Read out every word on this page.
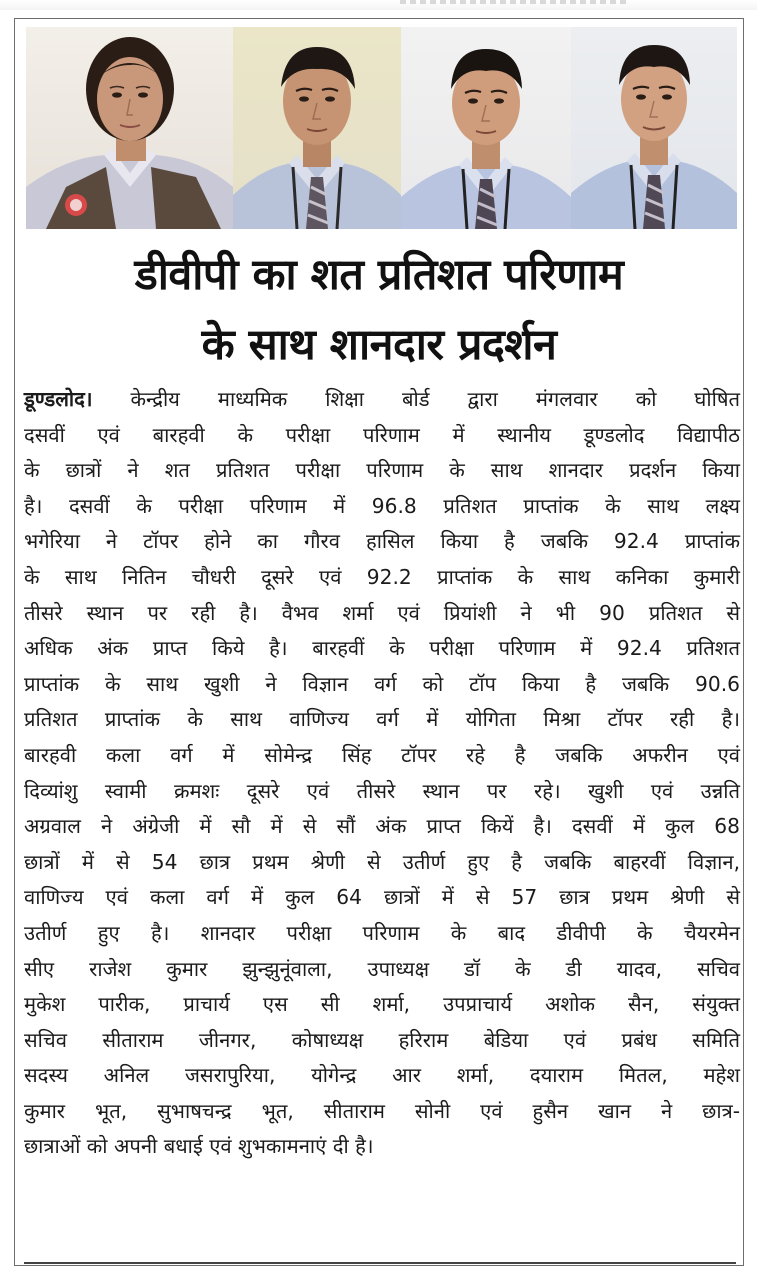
डीवीपी का शत प्रतिशत परिणाम
के साथ शानदार प्रदर्शन
डूण्डलोद। केन्द्रीय माध्यमिक शिक्षा बोर्ड द्वारा मंगलवार को घोषित
दसवीं एवं बारहवी के परीक्षा परिणाम में स्थानीय डूण्डलोद विद्यापीठ
के छात्रों ने शत प्रतिशत परीक्षा परिणाम के साथ शानदार प्रदर्शन किया
है। दसवीं के परीक्षा परिणाम में 96.8 प्रतिशत प्राप्तांक के साथ लक्ष्य
भगेरिया ने टॉपर होने का गौरव हासिल किया है जबकि 92.4 प्राप्तांक
के साथ नितिन चौधरी दूसरे एवं 92.2 प्राप्तांक के साथ कनिका कुमारी
तीसरे स्थान पर रही है। वैभव शर्मा एवं प्रियांशी ने भी 90 प्रतिशत से
अधिक अंक प्राप्त किये है। बारहवीं के परीक्षा परिणाम में 92.4 प्रतिशत
प्राप्तांक के साथ खुशी ने विज्ञान वर्ग को टॉप किया है जबकि 90.6
प्रतिशत प्राप्तांक के साथ वाणिज्य वर्ग में योगिता मिश्रा टॉपर रही है।
बारहवी कला वर्ग में सोमेन्द्र सिंह टॉपर रहे है जबकि अफरीन एवं
दिव्यांशु स्वामी क्रमशः दूसरे एवं तीसरे स्थान पर रहे। खुशी एवं उन्नति
अग्रवाल ने अंग्रेजी में सौ में से सौं अंक प्राप्त कियें है। दसवीं में कुल 68
छात्रों में से 54 छात्र प्रथम श्रेणी से उतीर्ण हुए है जबकि बाहरवीं विज्ञान,
वाणिज्य एवं कला वर्ग में कुल 64 छात्रों में से 57 छात्र प्रथम श्रेणी से
उतीर्ण हुए है। शानदार परीक्षा परिणाम के बाद डीवीपी के चैयरमेन
सीए राजेश कुमार झुन्झुनूंवाला, उपाध्यक्ष डॉ के डी यादव, सचिव
मुकेश पारीक, प्राचार्य एस सी शर्मा, उपप्राचार्य अशोक सैन, संयुक्त
सचिव सीताराम जीनगर, कोषाध्यक्ष हरिराम बेडिया एवं प्रबंध समिति
सदस्य अनिल जसरापुरिया, योगेन्द्र आर शर्मा, दयाराम मितल, महेश
कुमार भूत, सुभाषचन्द्र भूत, सीताराम सोनी एवं हुसैन खान ने छात्र-
छात्राओं को अपनी बधाई एवं शुभकामनाएं दी है।
